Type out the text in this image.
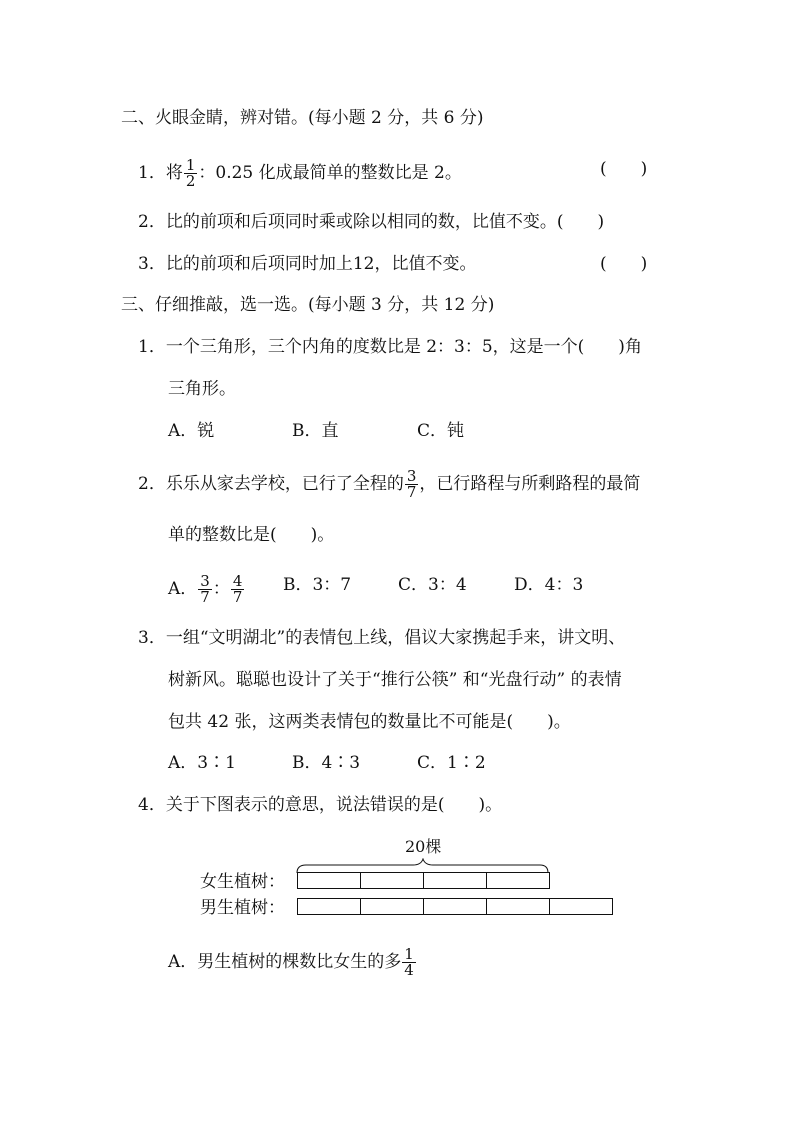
二、火眼金睛，辨对错。(每小题 2 分，共 6 分)
1．将 $\frac{1}{2}$ ：0.25 化成最简单的整数比是 2。	(　　)
2．比的前项和后项同时乘或除以相同的数，比值不变。(　　)
3．比的前项和后项同时加上12，比值不变。	(　　)
三、仔细推敲，选一选。(每小题 3 分，共 12 分)
1．一个三角形，三个内角的度数比是 2：3：5，这是一个(　　)角
三角形。
A．锐	B．直	C．钝
2．乐乐从家去学校，已行了全程的 $\frac{3}{7}$ ，已行路程与所剩路程的最简
单的整数比是(　　)。
A． $\frac{3}{7}$ ： $\frac{4}{7}$ B．3：7	C．3：4	D．4：3
3．一组“文明湖北”的表情包上线，倡议大家携起手来，讲文明、
树新风。聪聪也设计了关于“推行公筷” 和“光盘行动” 的表情
包共 42 张，这两类表情包的数量比不可能是(　　)。
A．3∶1	B．4∶3	C．1∶2
4．关于下图表示的意思，说法错误的是(　　)。
20棵
女生植树：
男生植树：
A．男生植树的棵数比女生的多 $\frac{1}{4}$
